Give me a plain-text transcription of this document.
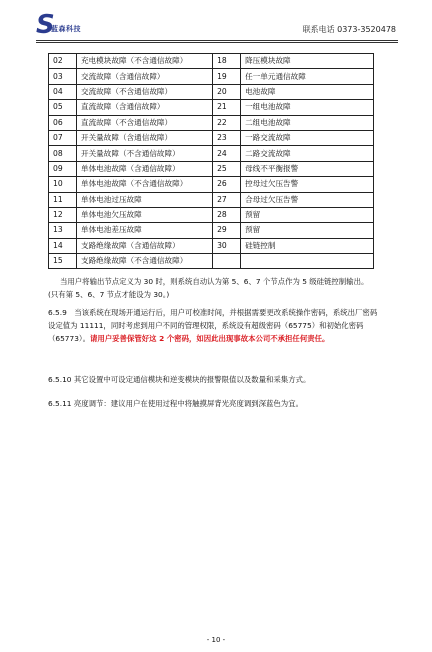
S
蓝森科技	联系电话 0373-3520478
02	充电模块故障（不含通信故障）	18	降压模块故障
03	交流故障（含通信故障）	19	任一单元通信故障
04	交流故障（不含通信故障）	20	电池故障
05	直流故障（含通信故障）	21	一组电池故障
06	直流故障（不含通信故障）	22	二组电池故障
07	开关量故障（含通信故障）	23	一路交流故障
08	开关量故障（不含通信故障）	24	二路交流故障
09	单体电池故障（含通信故障）	25	母线不平衡报警
10	单体电池故障（不含通信故障）	26	控母过欠压告警
11	单体电池过压故障	27	合母过欠压告警
12	单体电池欠压故障	28	预留
13	单体电池差压故障	29	预留
14	支路绝缘故障（含通信故障）	30	硅链控制
15	支路绝缘故障（不含通信故障）		
当用户将输出节点定义为 30 时，则系统自动认为第 5、6、7 个节点作为 5 级硅链控制输出。(只有第 5、6、7 节点才能设为 30。)
6.5.9　当该系统在现场开通运行后，用户可校准时间，并根据需要更改系统操作密码，系统出厂密码设定值为 11111，同时考虑到用户不同的管理权限，系统设有超级密码（65775）和初始化密码（65773）。请用户妥善保管好这 2 个密码，如因此出现事故本公司不承担任何责任。
6.5.10 其它设置中可设定通信模块和逆变模块的报警限值以及数量和采集方式。
6.5.11 亮度调节：建议用户在使用过程中将触摸屏背光亮度调到深蓝色为宜。
- 10 -
